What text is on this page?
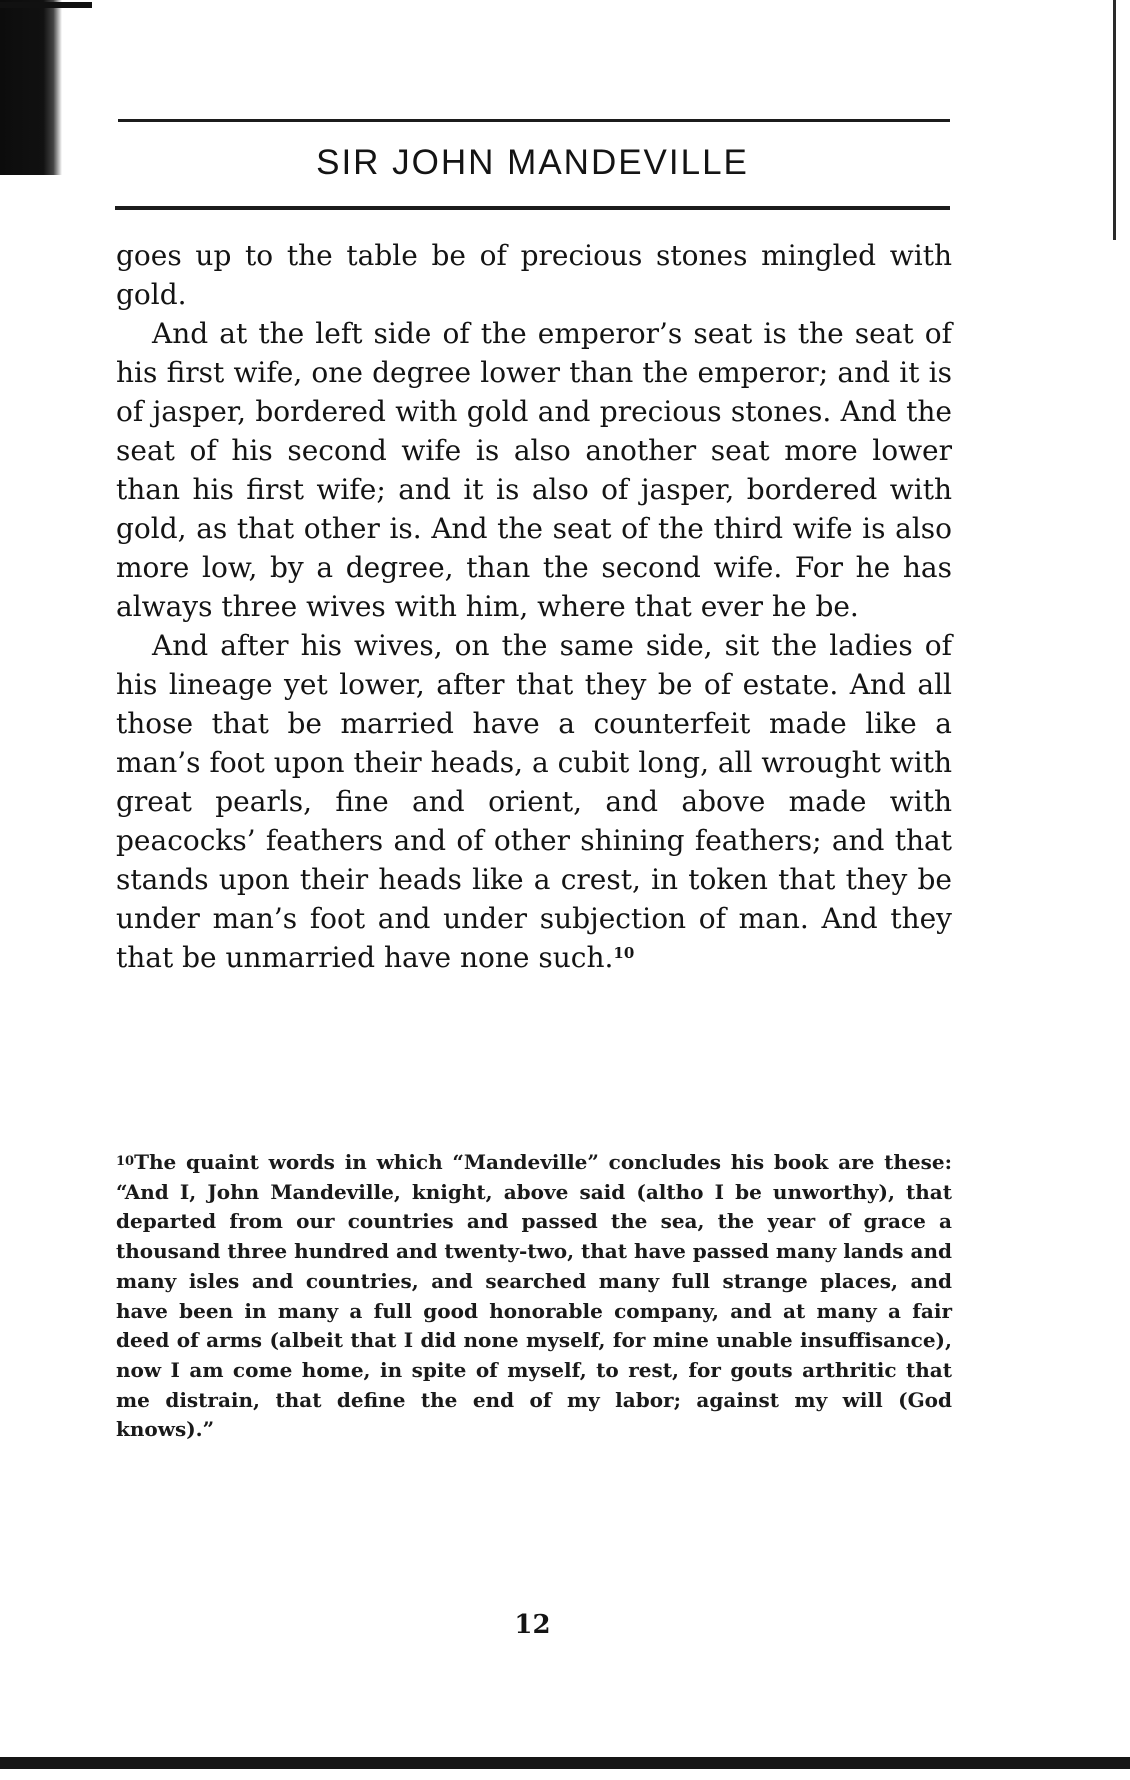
SIR JOHN MANDEVILLE

goes up to the table be of precious stones mingled with gold.

And at the left side of the emperor’s seat is the seat of his first wife, one degree lower than the emperor; and it is of jasper, bordered with gold and precious stones. And the seat of his second wife is also another seat more lower than his first wife; and it is also of jasper, bordered with gold, as that other is. And the seat of the third wife is also more low, by a degree, than the second wife. For he has always three wives with him, where that ever he be.

And after his wives, on the same side, sit the ladies of his lineage yet lower, after that they be of estate. And all those that be married have a counterfeit made like a man’s foot upon their heads, a cubit long, all wrought with great pearls, fine and orient, and above made with peacocks’ feathers and of other shining feathers; and that stands upon their heads like a crest, in token that they be under man’s foot and under subjection of man. And they that be unmarried have none such.$^{10}$

$^{10}$The quaint words in which “Mandeville” concludes his book are these: “And I, John Mandeville, knight, above said (altho I be unworthy), that departed from our countries and passed the sea, the year of grace a thousand three hundred and twenty-two, that have passed many lands and many isles and countries, and searched many full strange places, and have been in many a full good honorable company, and at many a fair deed of arms (albeit that I did none myself, for mine unable insuffisance), now I am come home, in spite of myself, to rest, for gouts arthritic that me distrain, that define the end of my labor; against my will (God knows).”

12
